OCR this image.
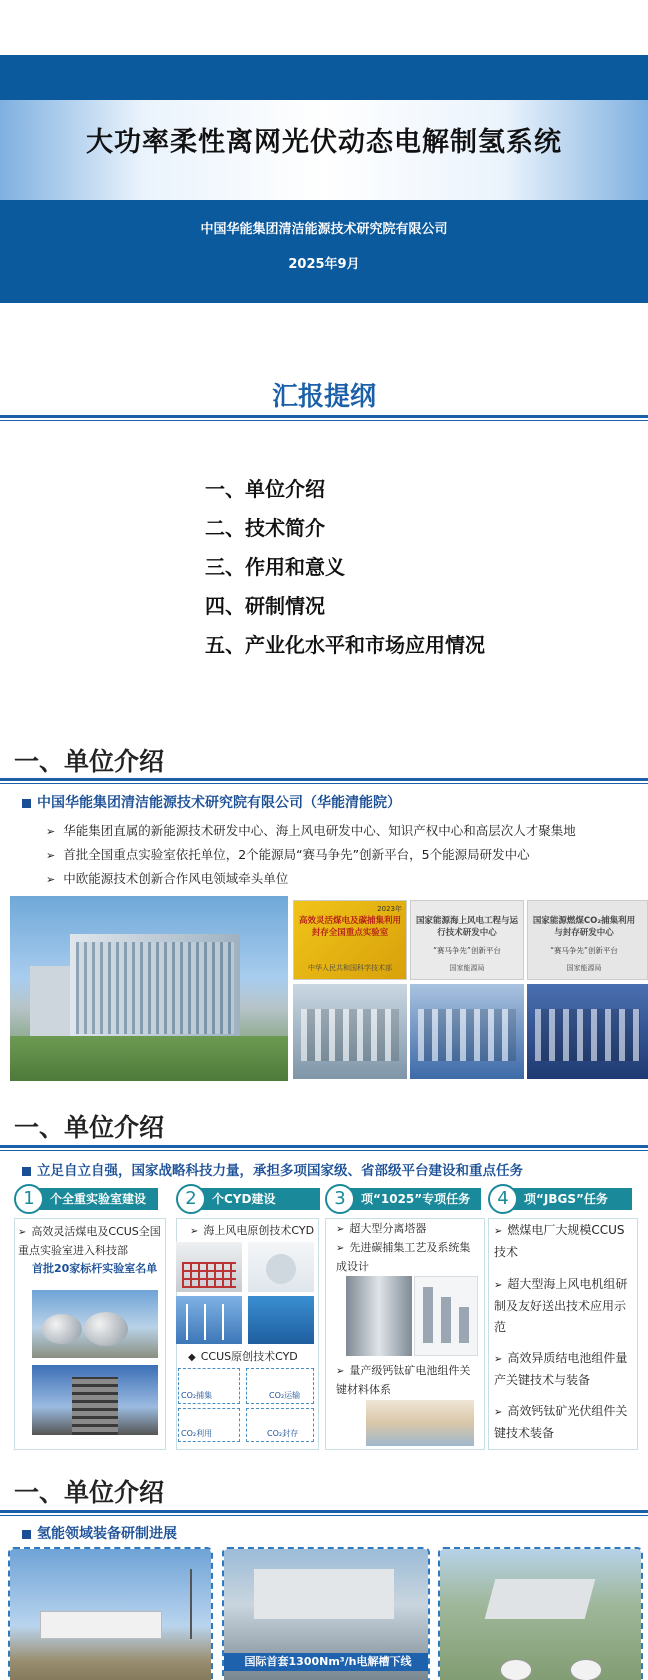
大功率柔性离网光伏动态电解制氢系统
中国华能集团清洁能源技术研究院有限公司
2025年9月
汇报提纲
一、单位介绍
二、技术简介
三、作用和意义
四、研制情况
五、产业化水平和市场应用情况
一、单位介绍
中国华能集团清洁能源技术研究院有限公司（华能清能院）
➢ 华能集团直属的新能源技术研发中心、海上风电研发中心、知识产权中心和高层次人才聚集地
➢ 首批全国重点实验室依托单位，2个能源局“赛马争先”创新平台，5个能源局研发中心
➢ 中欧能源技术创新合作风电领域牵头单位
2023年
高效灵活煤电及碳捕集利用封存全国重点实验室
中华人民共和国科学技术部
国家能源海上风电工程与运行技术研发中心
“赛马争先”创新平台
国家能源局
国家能源燃煤CO₂捕集利用与封存研发中心
“赛马争先”创新平台
国家能源局
一、单位介绍
立足自立自强，国家战略科技力量，承担多项国家级、省部级平台建设和重点任务
1	个全重实验室建设	2	个CYD建设	3	项“1025”专项任务	4	项“JBGS”任务
➢ 高效灵活煤电及CCUS全国重点实验室进入科技部
首批20家标杆实验室名单
➢ 海上风电原创技术CYD
◆ CCUS原创技术CYD
CO₂捕集	CO₂运输
CO₂利用	CO₂封存
➢ 超大型分离塔器
➢ 先进碳捕集工艺及系统集成设计
➢ 量产级钙钛矿电池组件关键材料体系
➢ 燃煤电厂大规模CCUS技术
➢ 超大型海上风电机组研制及友好送出技术应用示范
➢ 高效异质结电池组件量产关键技术与装备
➢ 高效钙钛矿光伏组件关键技术装备
一、单位介绍
氢能领域装备研制进展
国际首套1300Nm³/h电解槽下线
